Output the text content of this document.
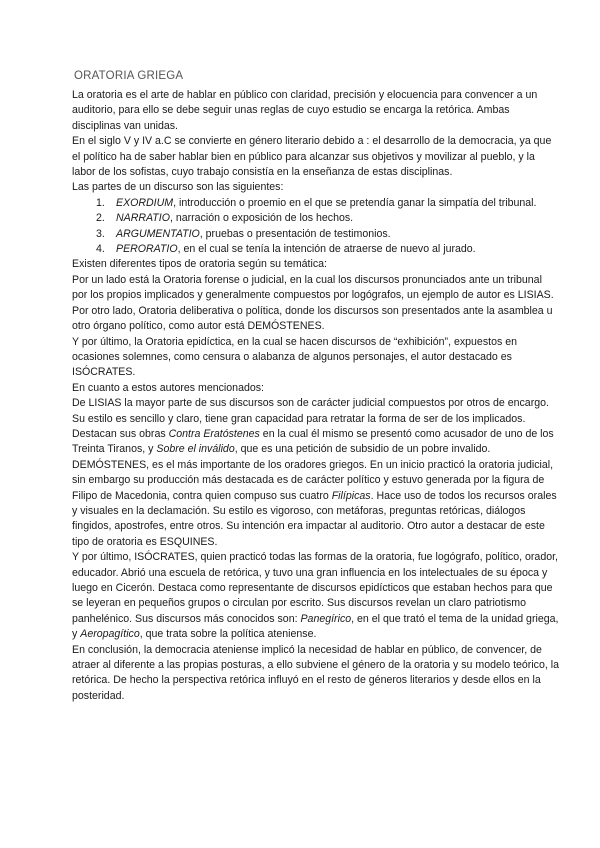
ORATORIA GRIEGA

La oratoria es el arte de hablar en público con claridad, precisión y elocuencia para convencer a un auditorio, para ello se debe seguir unas reglas de cuyo estudio se encarga la retórica. Ambas disciplinas van unidas.

En el siglo V y IV a.C se convierte en género literario debido a : el desarrollo de la democracia, ya que el político ha de saber hablar bien en público para alcanzar sus objetivos y movilizar al pueblo, y la labor de los sofistas, cuyo trabajo consistía en la enseñanza de estas disciplinas.

Las partes de un discurso son las siguientes:

1. EXORDIUM, introducción o proemio en el que se pretendía ganar la simpatía del tribunal.
2. NARRATIO, narración o exposición de los hechos.
3. ARGUMENTATIO, pruebas o presentación de testimonios.
4. PERORATIO, en el cual se tenía la intención de atraerse de nuevo al jurado.

Existen diferentes tipos de oratoria según su temática:

Por un lado está la Oratoria forense o judicial, en la cual los discursos pronunciados ante un tribunal por los propios implicados y generalmente compuestos por logógrafos, un ejemplo de autor es LISIAS.

Por otro lado, Oratoria deliberativa o política, donde los discursos son presentados ante la asamblea u otro órgano político, como autor está DEMÓSTENES.

Y por último, la Oratoria epidíctica, en la cual se hacen discursos de “exhibición”, expuestos en ocasiones solemnes, como censura o alabanza de algunos personajes, el autor destacado es ISÓCRATES.

En cuanto a estos autores mencionados:

De LISIAS la mayor parte de sus discursos son de carácter judicial compuestos por otros de encargo. Su estilo es sencillo y claro, tiene gran capacidad para retratar la forma de ser de los implicados. Destacan sus obras Contra Eratóstenes en la cual él mismo se presentó como acusador de uno de los Treinta Tiranos, y Sobre el inválido, que es una petición de subsidio de un pobre invalido.

DEMÓSTENES, es el más importante de los oradores griegos. En un inicio practicó la oratoria judicial, sin embargo su producción más destacada es de carácter político y estuvo generada por la figura de Filipo de Macedonia, contra quien compuso sus cuatro Filípicas. Hace uso de todos los recursos orales y visuales en la declamación. Su estilo es vigoroso, con metáforas, preguntas retóricas, diálogos fingidos, apostrofes, entre otros. Su intención era impactar al auditorio. Otro autor a destacar de este tipo de oratoria es ESQUINES.

Y por último, ISÓCRATES, quien practicó todas las formas de la oratoria, fue logógrafo, político, orador, educador. Abrió una escuela de retórica, y tuvo una gran influencia en los intelectuales de su época y luego en Cicerón. Destaca como representante de discursos epidícticos que estaban hechos para que se leyeran en pequeños grupos o circulan por escrito. Sus discursos revelan un claro patriotismo panhelénico. Sus discursos más conocidos son: Panegírico, en el que trató el tema de la unidad griega, y Aeropagítico, que trata sobre la política ateniense.

En conclusión, la democracia ateniense implicó la necesidad de hablar en público, de convencer, de atraer al diferente a las propias posturas, a ello subviene el género de la oratoria y su modelo teórico, la retórica. De hecho la perspectiva retórica influyó en el resto de géneros literarios y desde ellos en la posteridad.
